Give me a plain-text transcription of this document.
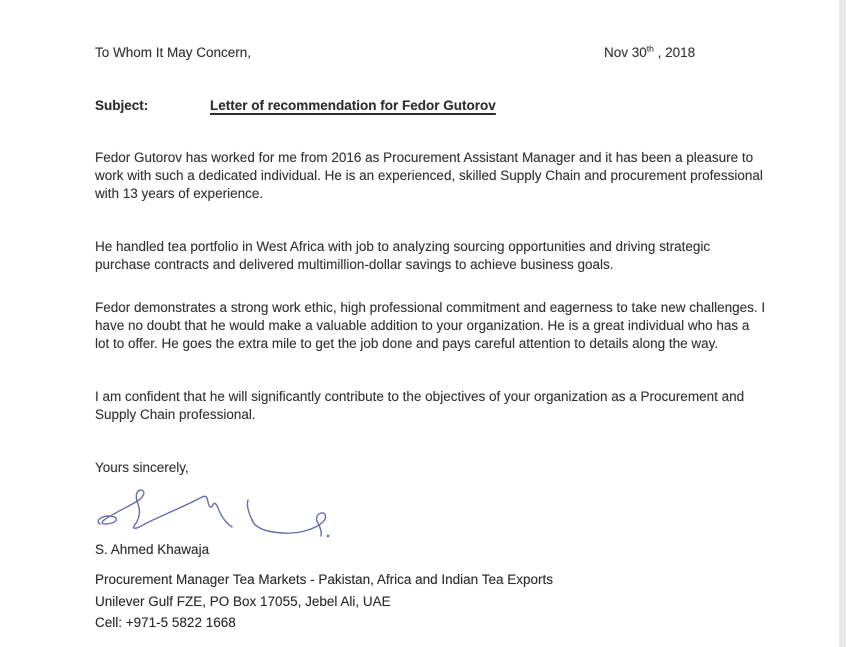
To Whom It May Concern,	Nov 30th , 2018
Subject:	Letter of recommendation for Fedor Gutorov
Fedor Gutorov has worked for me from 2016 as Procurement Assistant Manager and it has been a pleasure to
work with such a dedicated individual. He is an experienced, skilled Supply Chain and procurement professional
with 13 years of experience.
He handled tea portfolio in West Africa with job to analyzing sourcing opportunities and driving strategic
purchase contracts and delivered multimillion-dollar savings to achieve business goals.
Fedor demonstrates a strong work ethic, high professional commitment and eagerness to take new challenges. I
have no doubt that he would make a valuable addition to your organization. He is a great individual who has a
lot to offer. He goes the extra mile to get the job done and pays careful attention to details along the way.
I am confident that he will significantly contribute to the objectives of your organization as a Procurement and
Supply Chain professional.
Yours sincerely,
S. Ahmed Khawaja
Procurement Manager Tea Markets - Pakistan, Africa and Indian Tea Exports
Unilever Gulf FZE, PO Box 17055, Jebel Ali, UAE
Cell: +971-5 5822 1668
